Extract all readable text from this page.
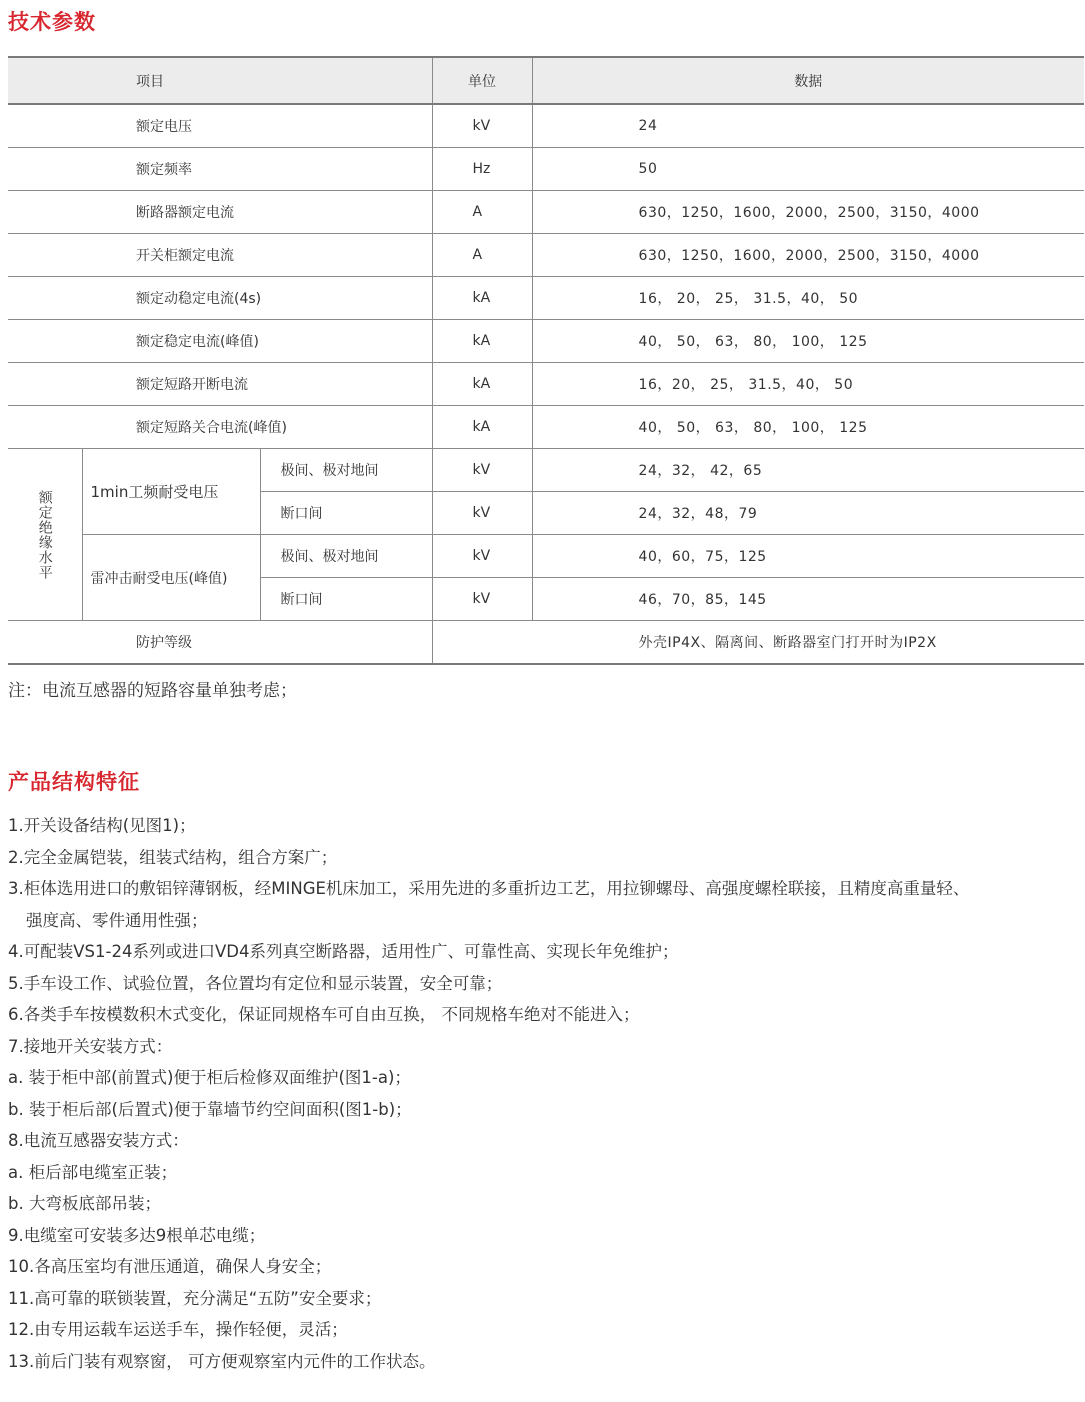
技术参数
项目			单位	数据
额定电压			kV	24
额定频率			Hz	50
断路器额定电流			A	630，1250，1600，2000，2500，3150，4000
开关柜额定电流			A	630，1250，1600，2000，2500，3150，4000
额定动稳定电流(4s)			kA	16， 20， 25， 31.5，40， 50
额定稳定电流(峰值)			kA	40， 50， 63， 80， 100， 125
额定短路开断电流			kA	16，20， 25， 31.5，40， 50
额定短路关合电流(峰值)			kA	40， 50， 63， 80， 100， 125

额定绝缘水平	1min工频耐受电压	极间、极对地间	kV	24，32， 42，65
		断口间	kV	24，32，48，79
	雷冲击耐受电压(峰值)	极间、极对地间	kV	40，60，75，125
		断口间	kV	46，70，85，145
防护等级			外壳IP4X、隔离间、断路器室门打开时为IP2X	
注：电流互感器的短路容量单独考虑；
产品结构特征
1.开关设备结构(见图1)；
2.完全金属铠装，组装式结构，组合方案广；
3.柜体选用进口的敷铝锌薄钢板，经MINGE机床加工，采用先进的多重折边工艺，用拉铆螺母、高强度螺栓联接，且精度高重量轻、
强度高、零件通用性强；
4.可配装VS1-24系列或进口VD4系列真空断路器，适用性广、可靠性高、实现长年免维护；
5.手车设工作、试验位置，各位置均有定位和显示装置，安全可靠；
6.各类手车按模数积木式变化，保证同规格车可自由互换， 不同规格车绝对不能进入；
7.接地开关安装方式：
a. 装于柜中部(前置式)便于柜后检修双面维护(图1-a)；
b. 装于柜后部(后置式)便于靠墙节约空间面积(图1-b)；
8.电流互感器安装方式：
a. 柜后部电缆室正装；
b. 大弯板底部吊装；
9.电缆室可安装多达9根单芯电缆；
10.各高压室均有泄压通道，确保人身安全；
11.高可靠的联锁装置，充分满足“五防”安全要求；
12.由专用运载车运送手车，操作轻便，灵活；
13.前后门装有观察窗， 可方便观察室内元件的工作状态。
